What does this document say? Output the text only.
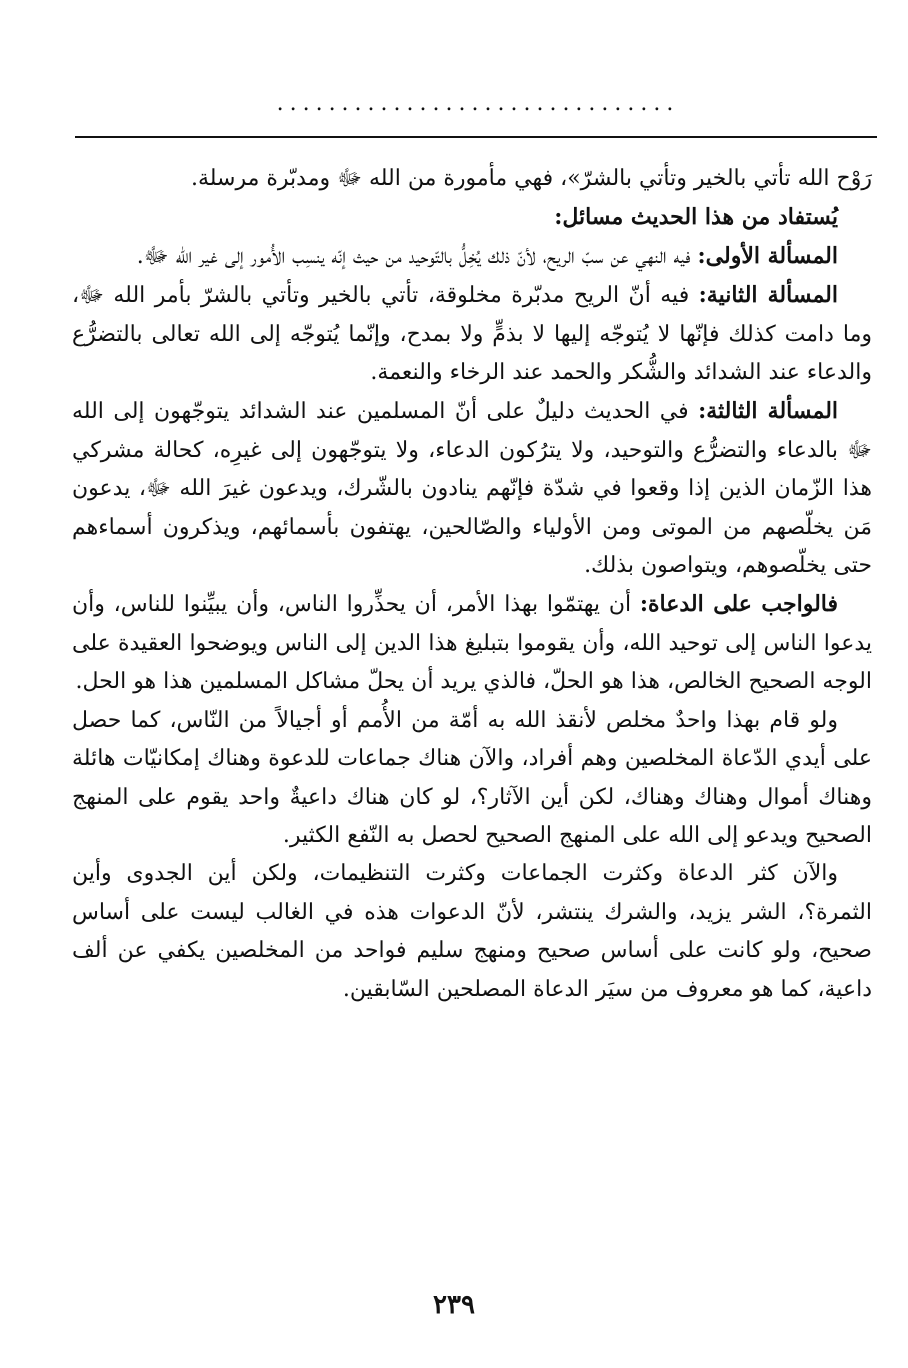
...............................

رَوْح الله تأتي بالخير وتأتي بالشرّ»، فهي مأمورة من الله ﷻ ومدبّرة مرسلة.

يُستفاد من هذا الحديث مسائل:

المسألة الأولى: فيه النهي عن سبّ الريح، لأنّ ذلك يُخِلُّ بالتّوحيد من حيث إنّه ينسِب الأُمور إلى غير الله ﷻ.

المسألة الثانية: فيه أنّ الريح مدبّرة مخلوقة، تأتي بالخير وتأتي بالشرّ بأمر الله ﷻ، وما دامت كذلك فإنّها لا يُتوجّه إليها لا بذمٍّ ولا بمدح، وإنّما يُتوجّه إلى الله تعالى بالتضرُّع والدعاء عند الشدائد والشُّكر والحمد عند الرخاء والنعمة.

المسألة الثالثة: في الحديث دليلٌ على أنّ المسلمين عند الشدائد يتوجّهون إلى الله ﷻ بالدعاء والتضرُّع والتوحيد، ولا يترُكون الدعاء، ولا يتوجّهون إلى غيرِه، كحالة مشركي هذا الزّمان الذين إذا وقعوا في شدّة فإنّهم ينادون بالشّرك، ويدعون غيرَ الله ﷻ، يدعون مَن يخلّصهم من الموتى ومن الأولياء والصّالحين، يهتفون بأسمائهم، ويذكرون أسماءهم حتى يخلّصوهم، ويتواصون بذلك.

فالواجب على الدعاة: أن يهتمّوا بهذا الأمر، أن يحذِّروا الناس، وأن يبيِّنوا للناس، وأن يدعوا الناس إلى توحيد الله، وأن يقوموا بتبليغ هذا الدين إلى الناس ويوضحوا العقيدة على الوجه الصحيح الخالص، هذا هو الحلّ، فالذي يريد أن يحلّ مشاكل المسلمين هذا هو الحل.

ولو قام بهذا واحدٌ مخلص لأنقذ الله به أمّة من الأُمم أو أجيالاً من النّاس، كما حصل على أيدي الدّعاة المخلصين وهم أفراد، والآن هناك جماعات للدعوة وهناك إمكانيّات هائلة وهناك أموال وهناك وهناك، لكن أين الآثار؟، لو كان هناك داعيةٌ واحد يقوم على المنهج الصحيح ويدعو إلى الله على المنهج الصحيح لحصل به النّفع الكثير.

والآن كثر الدعاة وكثرت الجماعات وكثرت التنظيمات، ولكن أين الجدوى وأين الثمرة؟، الشر يزيد، والشرك ينتشر، لأنّ الدعوات هذه في الغالب ليست على أساس صحيح، ولو كانت على أساس صحيح ومنهج سليم فواحد من المخلصين يكفي عن ألف داعية، كما هو معروف من سيَر الدعاة المصلحين السّابقين.

٢٣٩
